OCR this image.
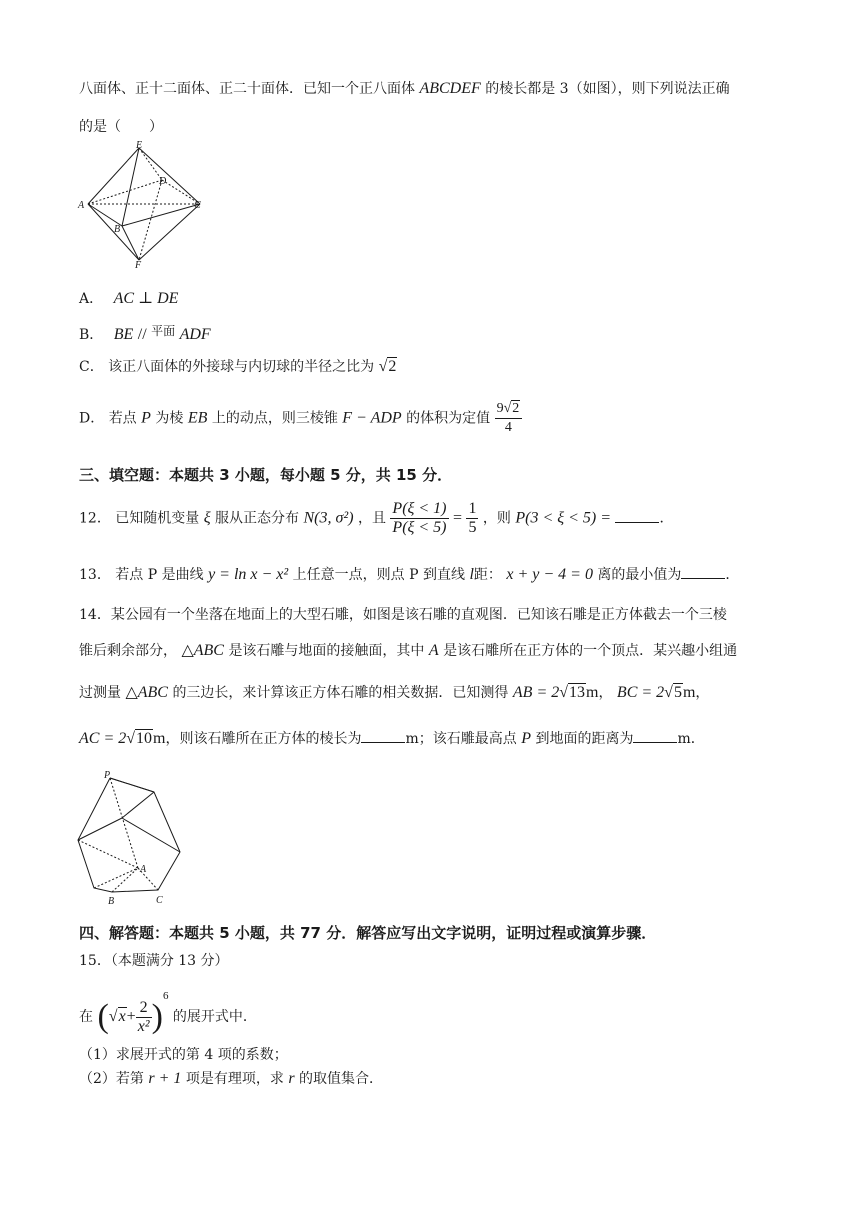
八面体、正十二面体、正二十面体．已知一个正八面体 ABCDEF 的棱长都是 3（如图），则下列说法正确
的是（　　）
E
D
A	C
B
F
A． AC ⊥ DE
B． BE // 平面 ADF
C． 该正八面体的外接球与内切球的半径之比为 √2
D． 若点 P 为棱 EB 上的动点，则三棱锥 F − ADP 的体积为定值 $\frac{9√2}{4}$
三、填空题：本题共 3 小题，每小题 5 分，共 15 分．
12． 已知随机变量 ξ 服从正态分布 N(3, σ²) ，且 $\frac{P(\xi < 1)}{P(\xi < 5)} = \frac{1}{5}$ ，则 P(3 < ξ < 5) =	．
13． 若点 P 是曲线 y = ln x − x² 上任意一点，则点 P 到直线 l距： x + y − 4 = 0 离的最小值为	．
14．某公园有一个坐落在地面上的大型石雕，如图是该石雕的直观图．已知该石雕是正方体截去一个三棱
锥后剩余部分， △ABC 是该石雕与地面的接触面，其中 A 是该石雕所在正方体的一个顶点．某兴趣小组通
过测量 △ABC 的三边长，来计算该正方体石雕的相关数据．已知测得 AB = 2√13m， BC = 2√5m，
AC = 2√10m，则该石雕所在正方体的棱长为	m；该石雕最高点 P 到地面的距离为	m．
P
A
B	C
四、解答题：本题共 5 小题，共 77 分．解答应写出文字说明，证明过程或演算步骤．
15．（本题满分 13 分）
在 $(√x+ \frac{2}{\text{x²}} )^6$ 的展开式中．
（1）求展开式的第 4 项的系数；
（2）若第 r + 1 项是有理项，求 r 的取值集合．
